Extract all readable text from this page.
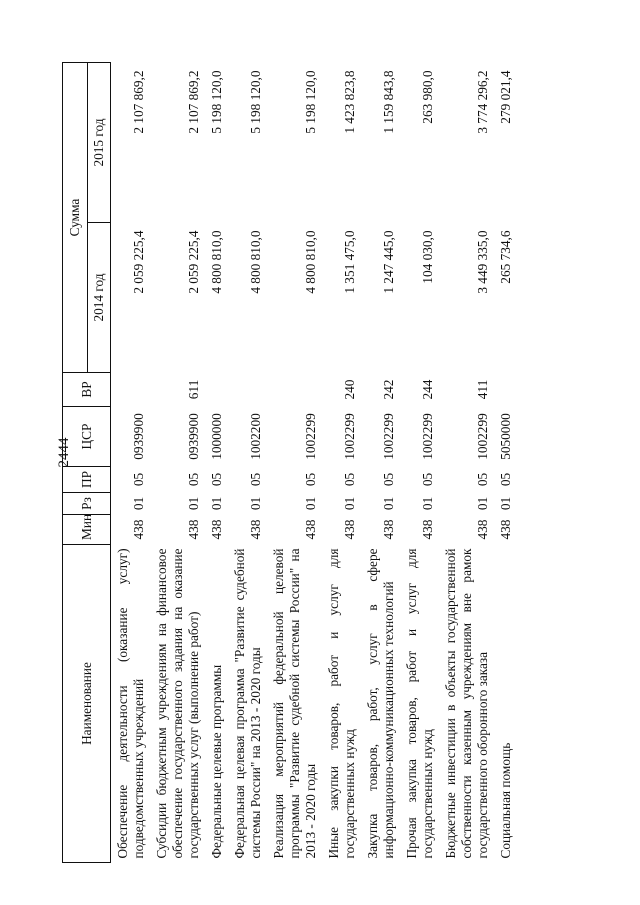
2444
Наименование	Мин	Рз	ПР	ЦСР	ВР	Сумма	
						2014 год	2015 год
Обеспечение деятельности (оказание услуг) подведомственных учреждений	438	01	05	0939900		2 059 225,4	2 107 869,2
Субсидии бюджетным учреждениям на финансовое обеспечение государственного задания на оказание государственных услуг (выполнение работ)	438	01	05	0939900	611	2 059 225,4	2 107 869,2
Федеральные целевые программы	438	01	05	1000000		4 800 810,0	5 198 120,0
Федеральная целевая программа "Развитие судебной системы России" на 2013 - 2020 годы	438	01	05	1002200		4 800 810,0	5 198 120,0
Реализация мероприятий федеральной целевой программы "Развитие судебной системы России" на 2013 - 2020 годы	438	01	05	1002299		4 800 810,0	5 198 120,0
Иные закупки товаров, работ и услуг для государственных нужд	438	01	05	1002299	240	1 351 475,0	1 423 823,8
Закупка товаров, работ, услуг в сфере информационно-коммуникационных технологий	438	01	05	1002299	242	1 247 445,0	1 159 843,8
Прочая закупка товаров, работ и услуг для государственных нужд	438	01	05	1002299	244	104 030,0	263 980,0
Бюджетные инвестиции в объекты государственной собственности казенным учреждениям вне рамок государственного оборонного заказа	438	01	05	1002299	411	3 449 335,0	3 774 296,2
Социальная помощь	438	01	05	5050000		265 734,6	279 021,4
